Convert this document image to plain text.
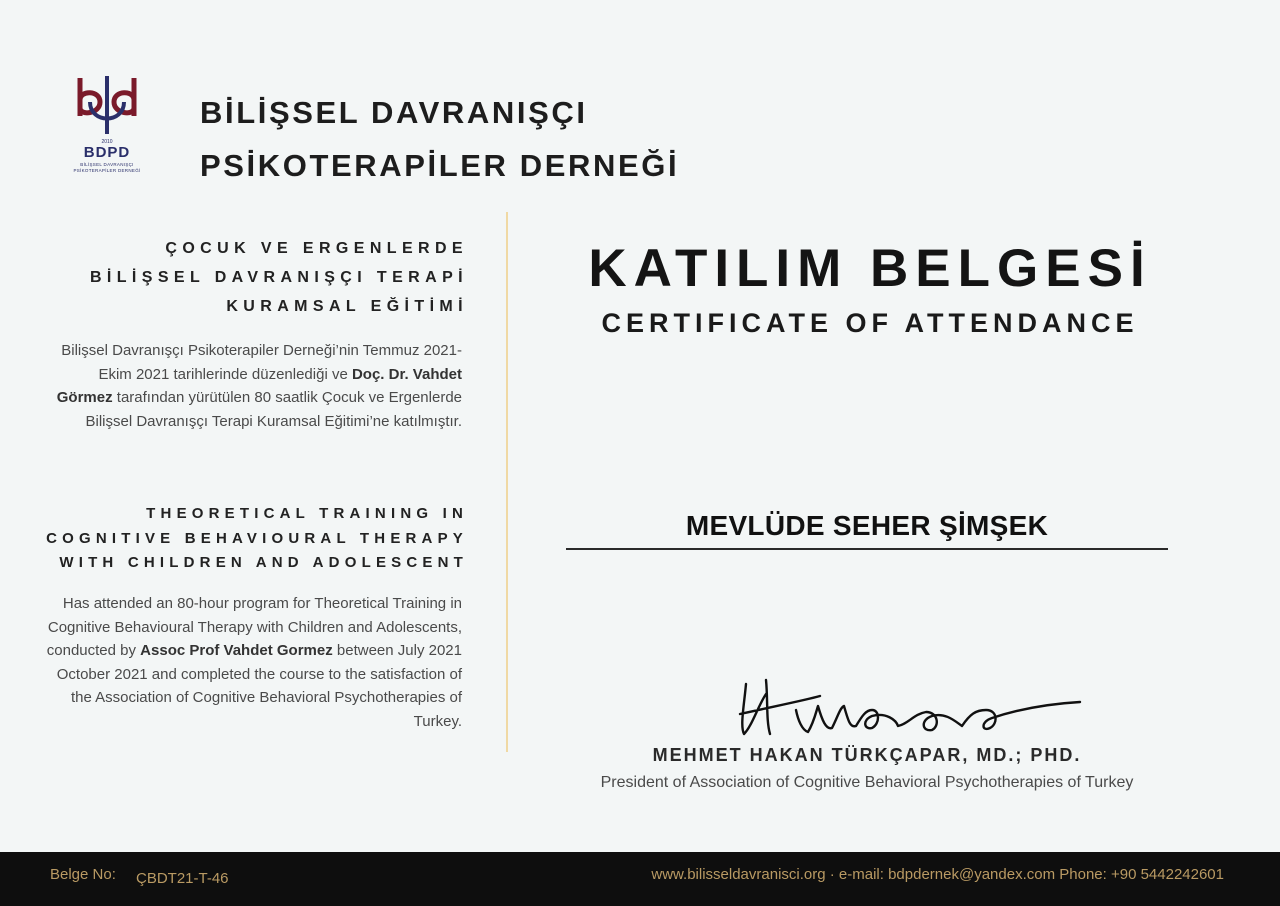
2010
BDPD
BİLİŞSEL DAVRANIŞÇI
PSİKOTERAPİLER DERNEĞİ
BİLİŞSEL DAVRANIŞÇI
PSİKOTERAPİLER DERNEĞİ
ÇOCUK VE ERGENLERDE
BİLİŞSEL DAVRANIŞÇI TERAPİ
KURAMSAL EĞİTİMİ
Bilişsel Davranışçı Psikoterapiler Derneği’nin Temmuz 2021-Ekim 2021 tarihlerinde düzenlediği ve Doç. Dr. Vahdet Görmez tarafından yürütülen 80 saatlik Çocuk ve Ergenlerde Bilişsel Davranışçı Terapi Kuramsal Eğitimi’ne katılmıştır.
THEORETICAL TRAINING IN
COGNITIVE BEHAVIOURAL THERAPY
WITH CHILDREN AND ADOLESCENT
Has attended an 80-hour program for Theoretical Training in Cognitive Behavioural Therapy with Children and Adolescents, conducted by Assoc Prof Vahdet Gormez between July 2021 October 2021 and completed the course to the satisfaction of the Association of Cognitive Behavioral Psychotherapies of Turkey.
KATILIM BELGESİ
CERTIFICATE OF ATTENDANCE
MEVLÜDE SEHER ŞİMŞEK
MEHMET HAKAN TÜRKÇAPAR, MD.; PHD.
President of Association of Cognitive Behavioral Psychotherapies of Turkey
Belge No: ÇBDT21-T-46	www.bilisseldavranisci.org · e-mail: bdpdernek@yandex.com Phone: +90 5442242601
